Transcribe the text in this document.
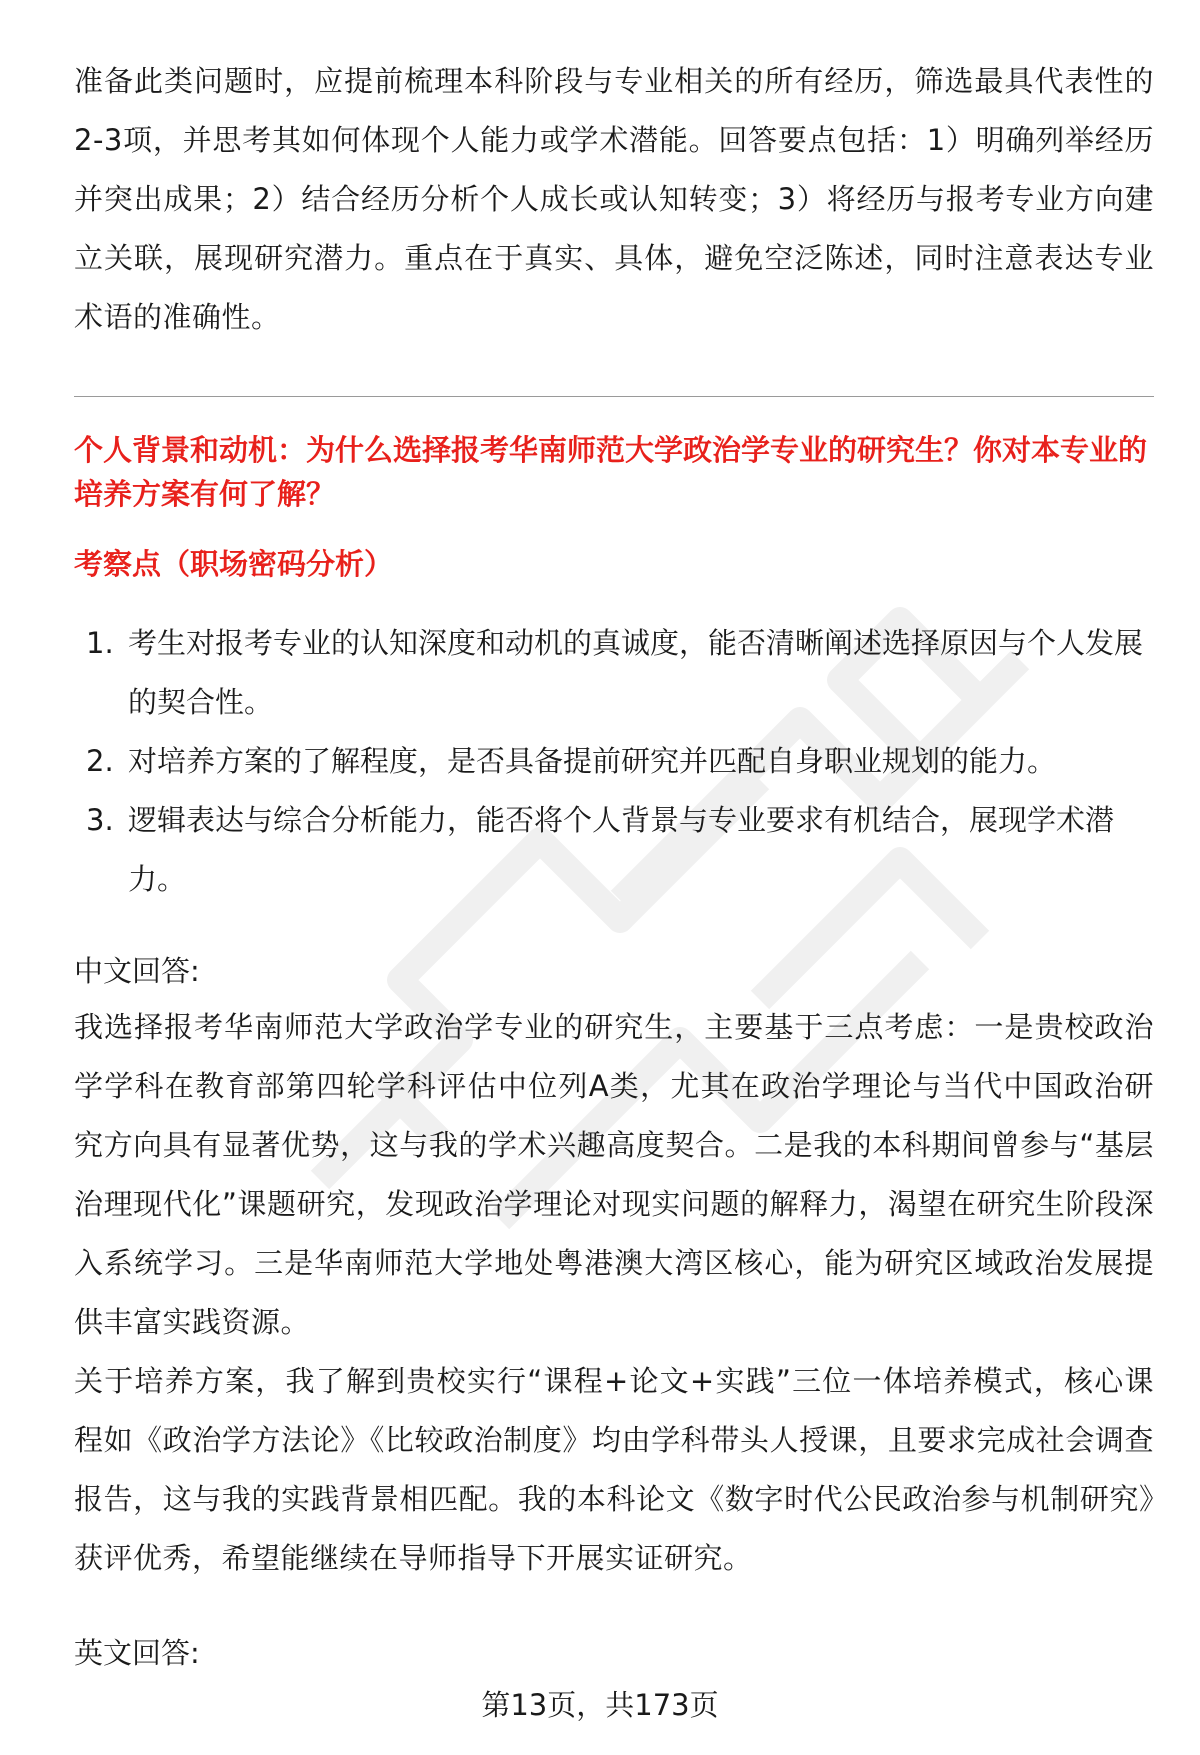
准备此类问题时，应提前梳理本科阶段与专业相关的所有经历，筛选最具代表性的2-3项，并思考其如何体现个人能力或学术潜能。回答要点包括：1）明确列举经历并突出成果；2）结合经历分析个人成长或认知转变；3）将经历与报考专业方向建立关联，展现研究潜力。重点在于真实、具体，避免空泛陈述，同时注意表达专业术语的准确性。

个人背景和动机：为什么选择报考华南师范大学政治学专业的研究生？你对本专业的培养方案有何了解？

考察点（职场密码分析）

1. 考生对报考专业的认知深度和动机的真诚度，能否清晰阐述选择原因与个人发展的契合性。
2. 对培养方案的了解程度，是否具备提前研究并匹配自身职业规划的能力。
3. 逻辑表达与综合分析能力，能否将个人背景与专业要求有机结合，展现学术潜力。

中文回答:

我选择报考华南师范大学政治学专业的研究生，主要基于三点考虑：一是贵校政治学学科在教育部第四轮学科评估中位列A类，尤其在政治学理论与当代中国政治研究方向具有显著优势，这与我的学术兴趣高度契合。二是我的本科期间曾参与“基层治理现代化”课题研究，发现政治学理论对现实问题的解释力，渴望在研究生阶段深入系统学习。三是华南师范大学地处粤港澳大湾区核心，能为研究区域政治发展提供丰富实践资源。

关于培养方案，我了解到贵校实行“课程+论文+实践”三位一体培养模式，核心课程如《政治学方法论》《比较政治制度》均由学科带头人授课，且要求完成社会调查报告，这与我的实践背景相匹配。我的本科论文《数字时代公民政治参与机制研究》获评优秀，希望能继续在导师指导下开展实证研究。

英文回答:

第13页，共173页
